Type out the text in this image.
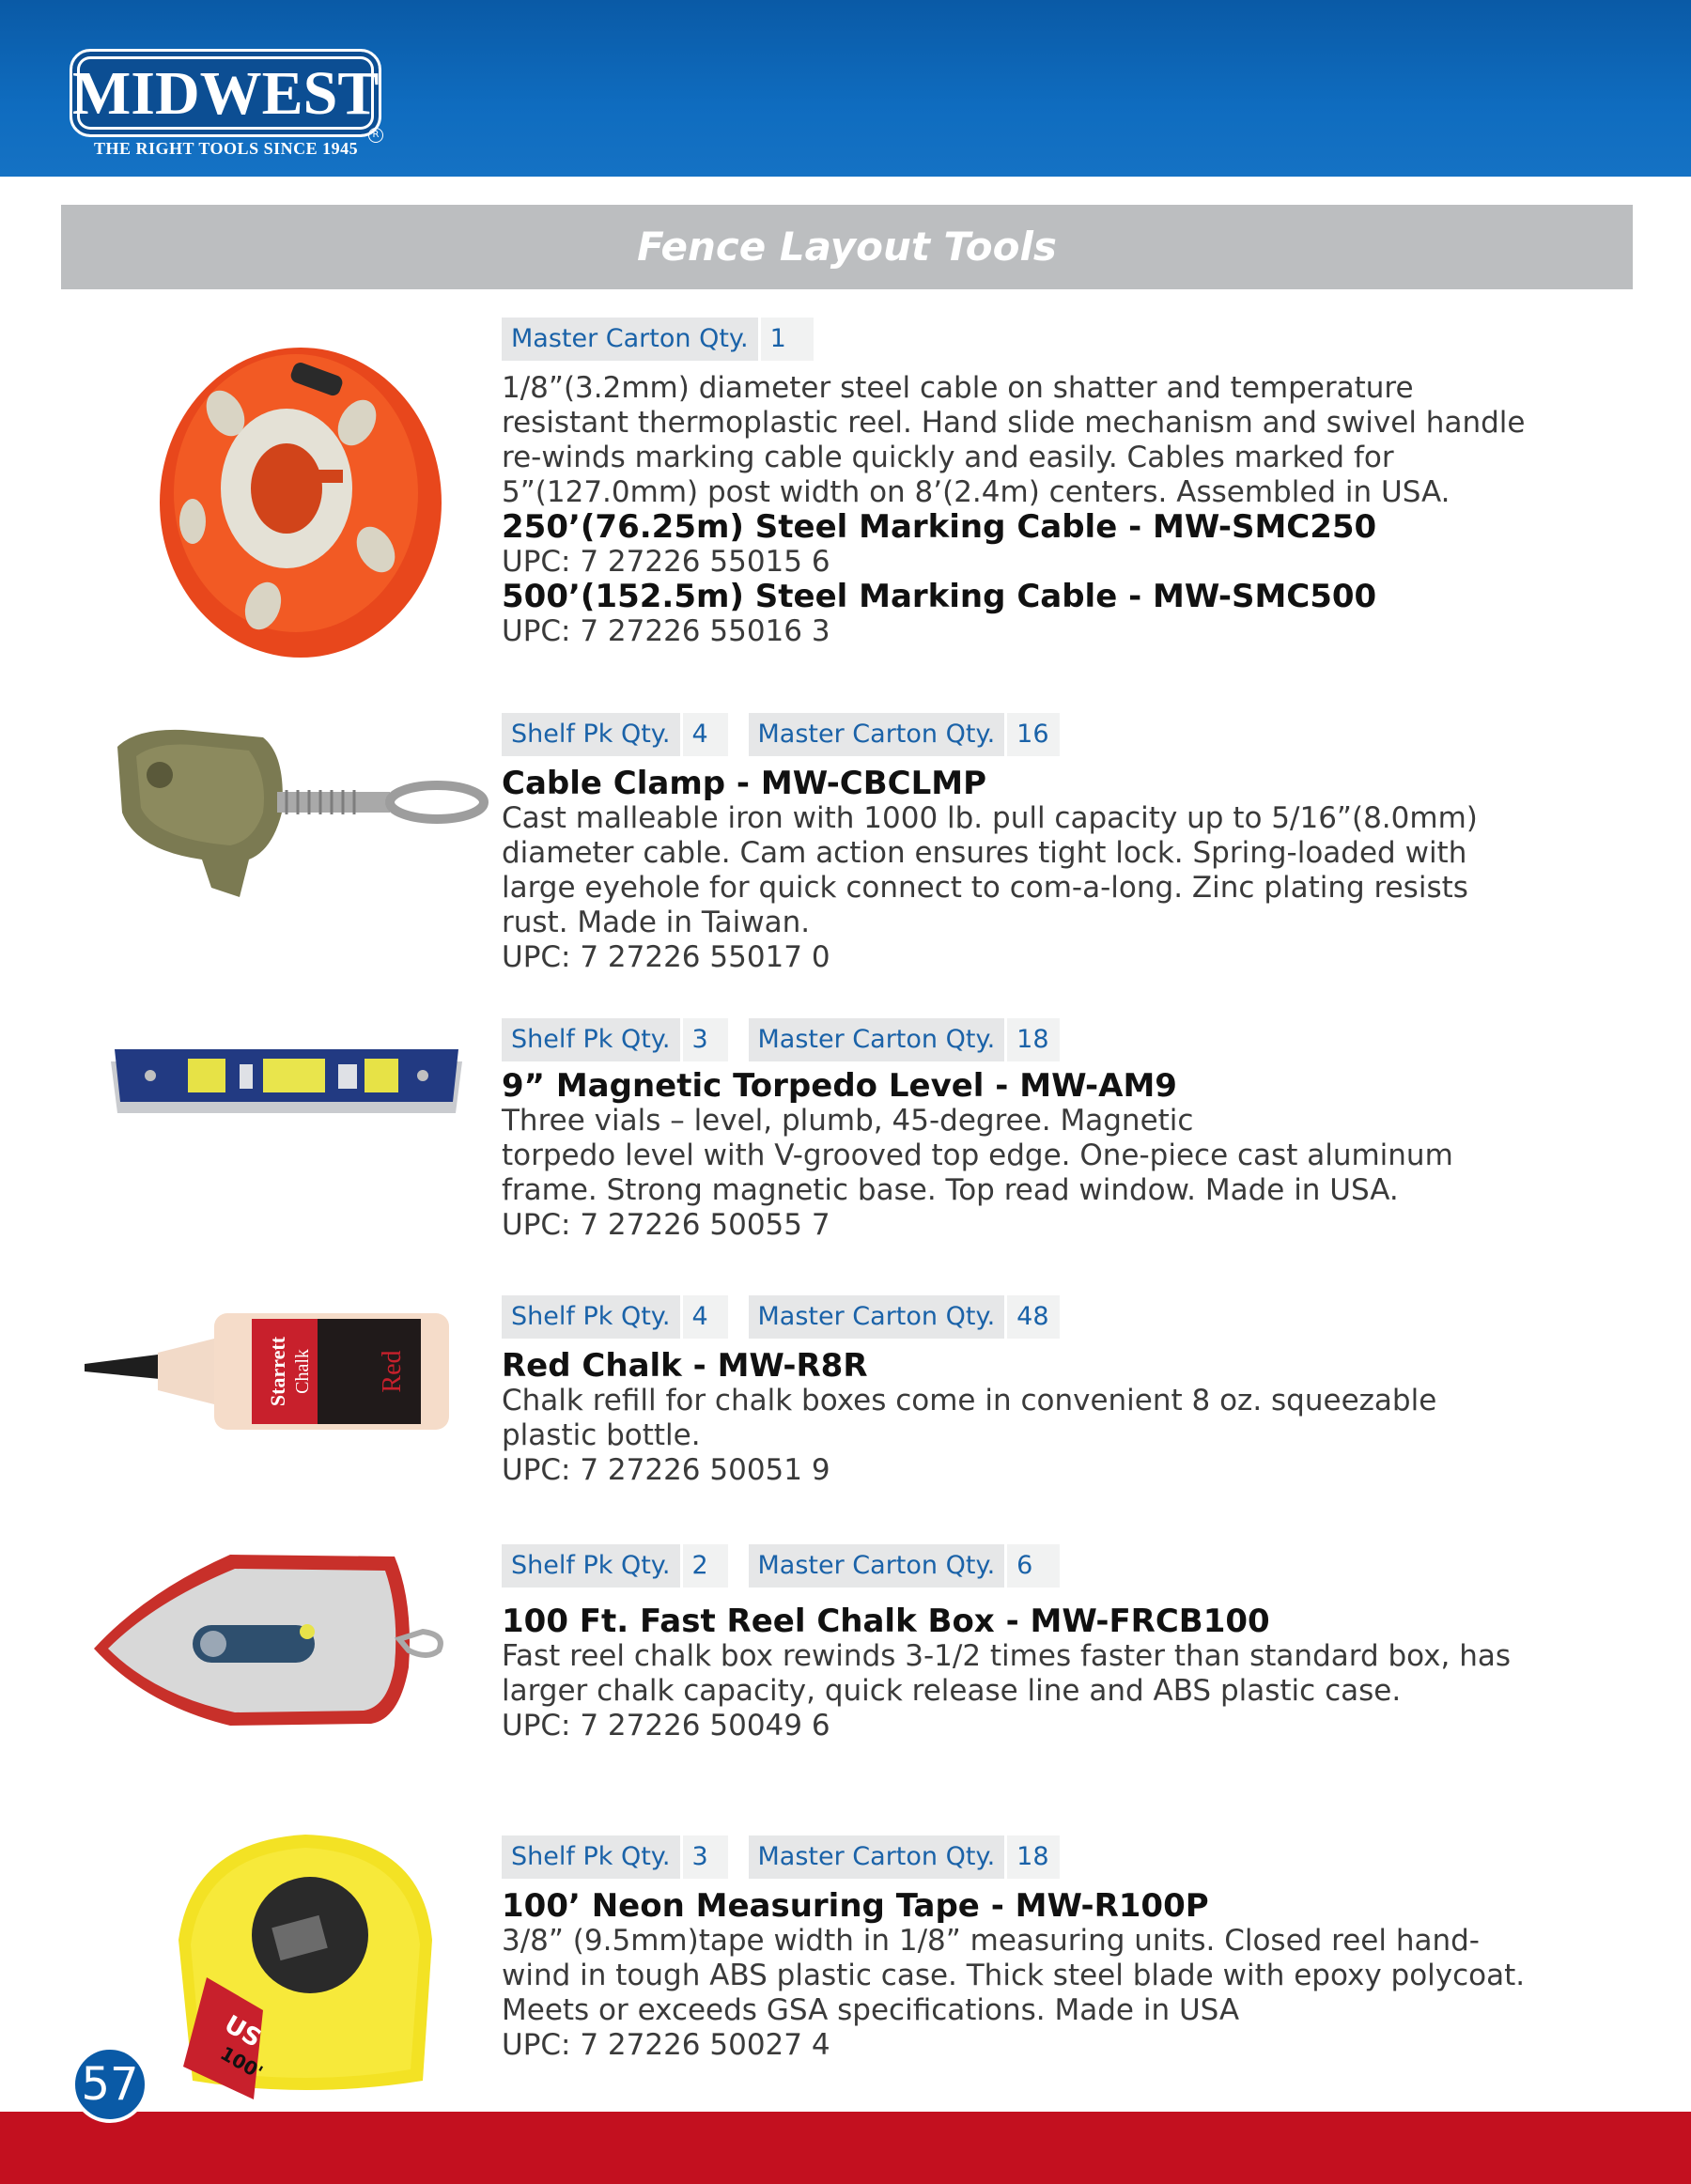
MIDWEST
R
THE RIGHT TOOLS SINCE 1945
Fence Layout Tools
Master Carton Qty. 1

1/8”(3.2mm) diameter steel cable on shatter and temperature resistant thermoplastic reel. Hand slide mechanism and swivel handle re-winds marking cable quickly and easily. Cables marked for 5”(127.0mm) post width on 8’(2.4m) centers. Assembled in USA.

250’(76.25m) Steel Marking Cable - MW-SMC250

UPC: 7 27226 55015 6

500’(152.5m) Steel Marking Cable - MW-SMC500

UPC: 7 27226 55016 3

Shelf Pk Qty. 4	Master Carton Qty. 16

Cable Clamp - MW-CBCLMP

Cast malleable iron with 1000 lb. pull capacity up to 5/16”(8.0mm) diameter cable. Cam action ensures tight lock. Spring-loaded with large eyehole for quick connect to com-a-long. Zinc plating resists rust. Made in Taiwan.

UPC: 7 27226 55017 0

Shelf Pk Qty. 3	Master Carton Qty. 18

9” Magnetic Torpedo Level - MW-AM9

Three vials – level, plumb, 45-degree. Magnetic

torpedo level with V-grooved top edge. One-piece cast aluminum frame. Strong magnetic base. Top read window. Made in USA.

UPC: 7 27226 50055 7

Starrett Chalk Red
Shelf Pk Qty. 4	Master Carton Qty. 48

Red Chalk - MW-R8R

Chalk refill for chalk boxes come in convenient 8 oz. squeezable plastic bottle.

UPC: 7 27226 50051 9

Shelf Pk Qty. 2	Master Carton Qty. 6

100 Ft. Fast Reel Chalk Box - MW-FRCB100

Fast reel chalk box rewinds 3-1/2 times faster than standard box, has larger chalk capacity, quick release line and ABS plastic case.

UPC: 7 27226 50049 6

US
100'
Shelf Pk Qty. 3	Master Carton Qty. 18

100’ Neon Measuring Tape - MW-R100P

3/8” (9.5mm)tape width in 1/8” measuring units. Closed reel hand-wind in tough ABS plastic case. Thick steel blade with epoxy polycoat. Meets or exceeds GSA specifications. Made in USA

UPC: 7 27226 50027 4

57
